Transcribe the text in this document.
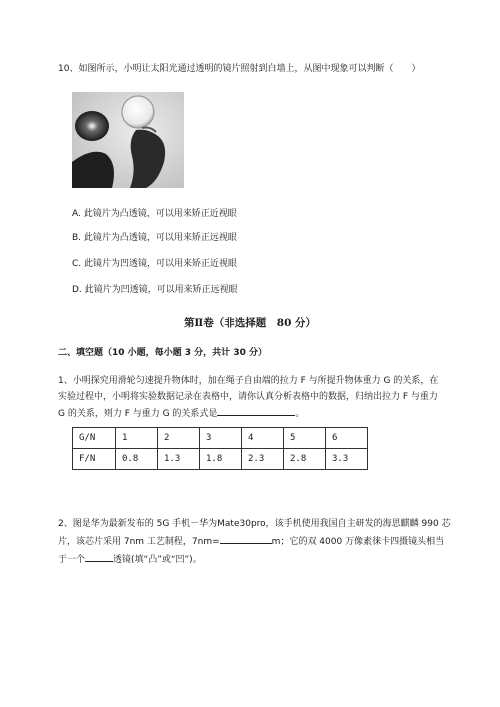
10、如图所示，小明让太阳光通过透明的镜片照射到白墙上，从图中现象可以判断（　　）
A. 此镜片为凸透镜，可以用来矫正近视眼
B. 此镜片为凸透镜，可以用来矫正远视眼
C. 此镜片为凹透镜，可以用来矫正近视眼
D. 此镜片为凹透镜，可以用来矫正远视眼
第Ⅱ卷（非选择题　80 分）
二、填空题（10 小题，每小题 3 分，共计 30 分）
1、小明探究用滑轮匀速提升物体时，加在绳子自由端的拉力 F 与所提升物体重力 G 的关系，在实验过程中，小明将实验数据记录在表格中，请你认真分析表格中的数据，归纳出拉力 F 与重力 G 的关系，则力 F 与重力 G 的关系式是	。
G/N	1	2	3	4	5	6
F/N	0.8	1.3	1.8	2.3	2.8	3.3
2、图是华为最新发布的 5G 手机－华为Mate30pro，该手机使用我国自主研发的海思麒麟 990 芯片，该芯片采用 7nm 工艺制程，7nm=	m；它的双 4000 万像素徕卡四摄镜头相当于一个	透镜(填“凸”或“凹”)。
